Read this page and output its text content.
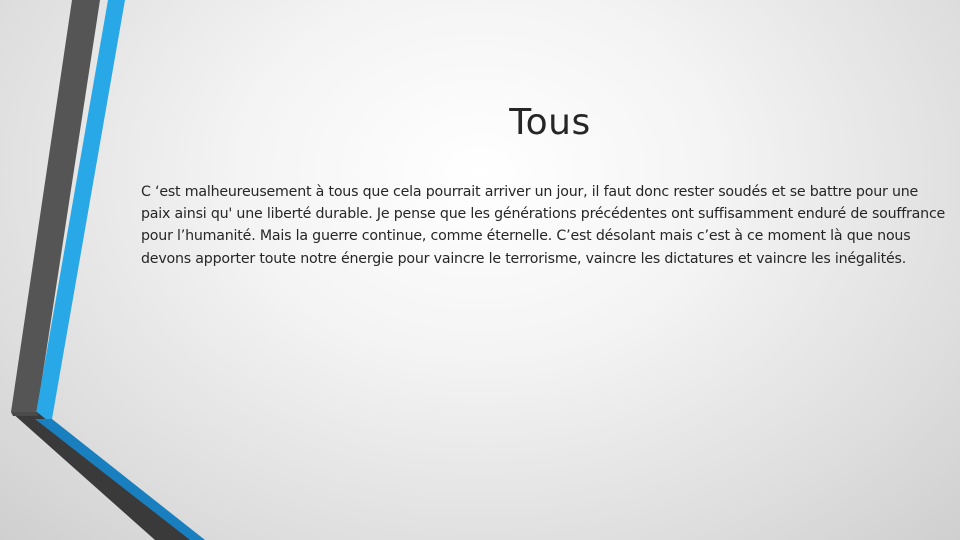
Tous

C ‘est malheureusement à tous que cela pourrait arriver un jour, il faut donc rester soudés et se battre pour une paix ainsi qu' une liberté durable. Je pense que les générations précédentes ont suffisamment enduré de souffrance pour l’humanité. Mais la guerre continue, comme éternelle. C’est désolant mais c’est à ce moment là que nous devons apporter toute notre énergie pour vaincre le terrorisme, vaincre les dictatures et vaincre les inégalités.
